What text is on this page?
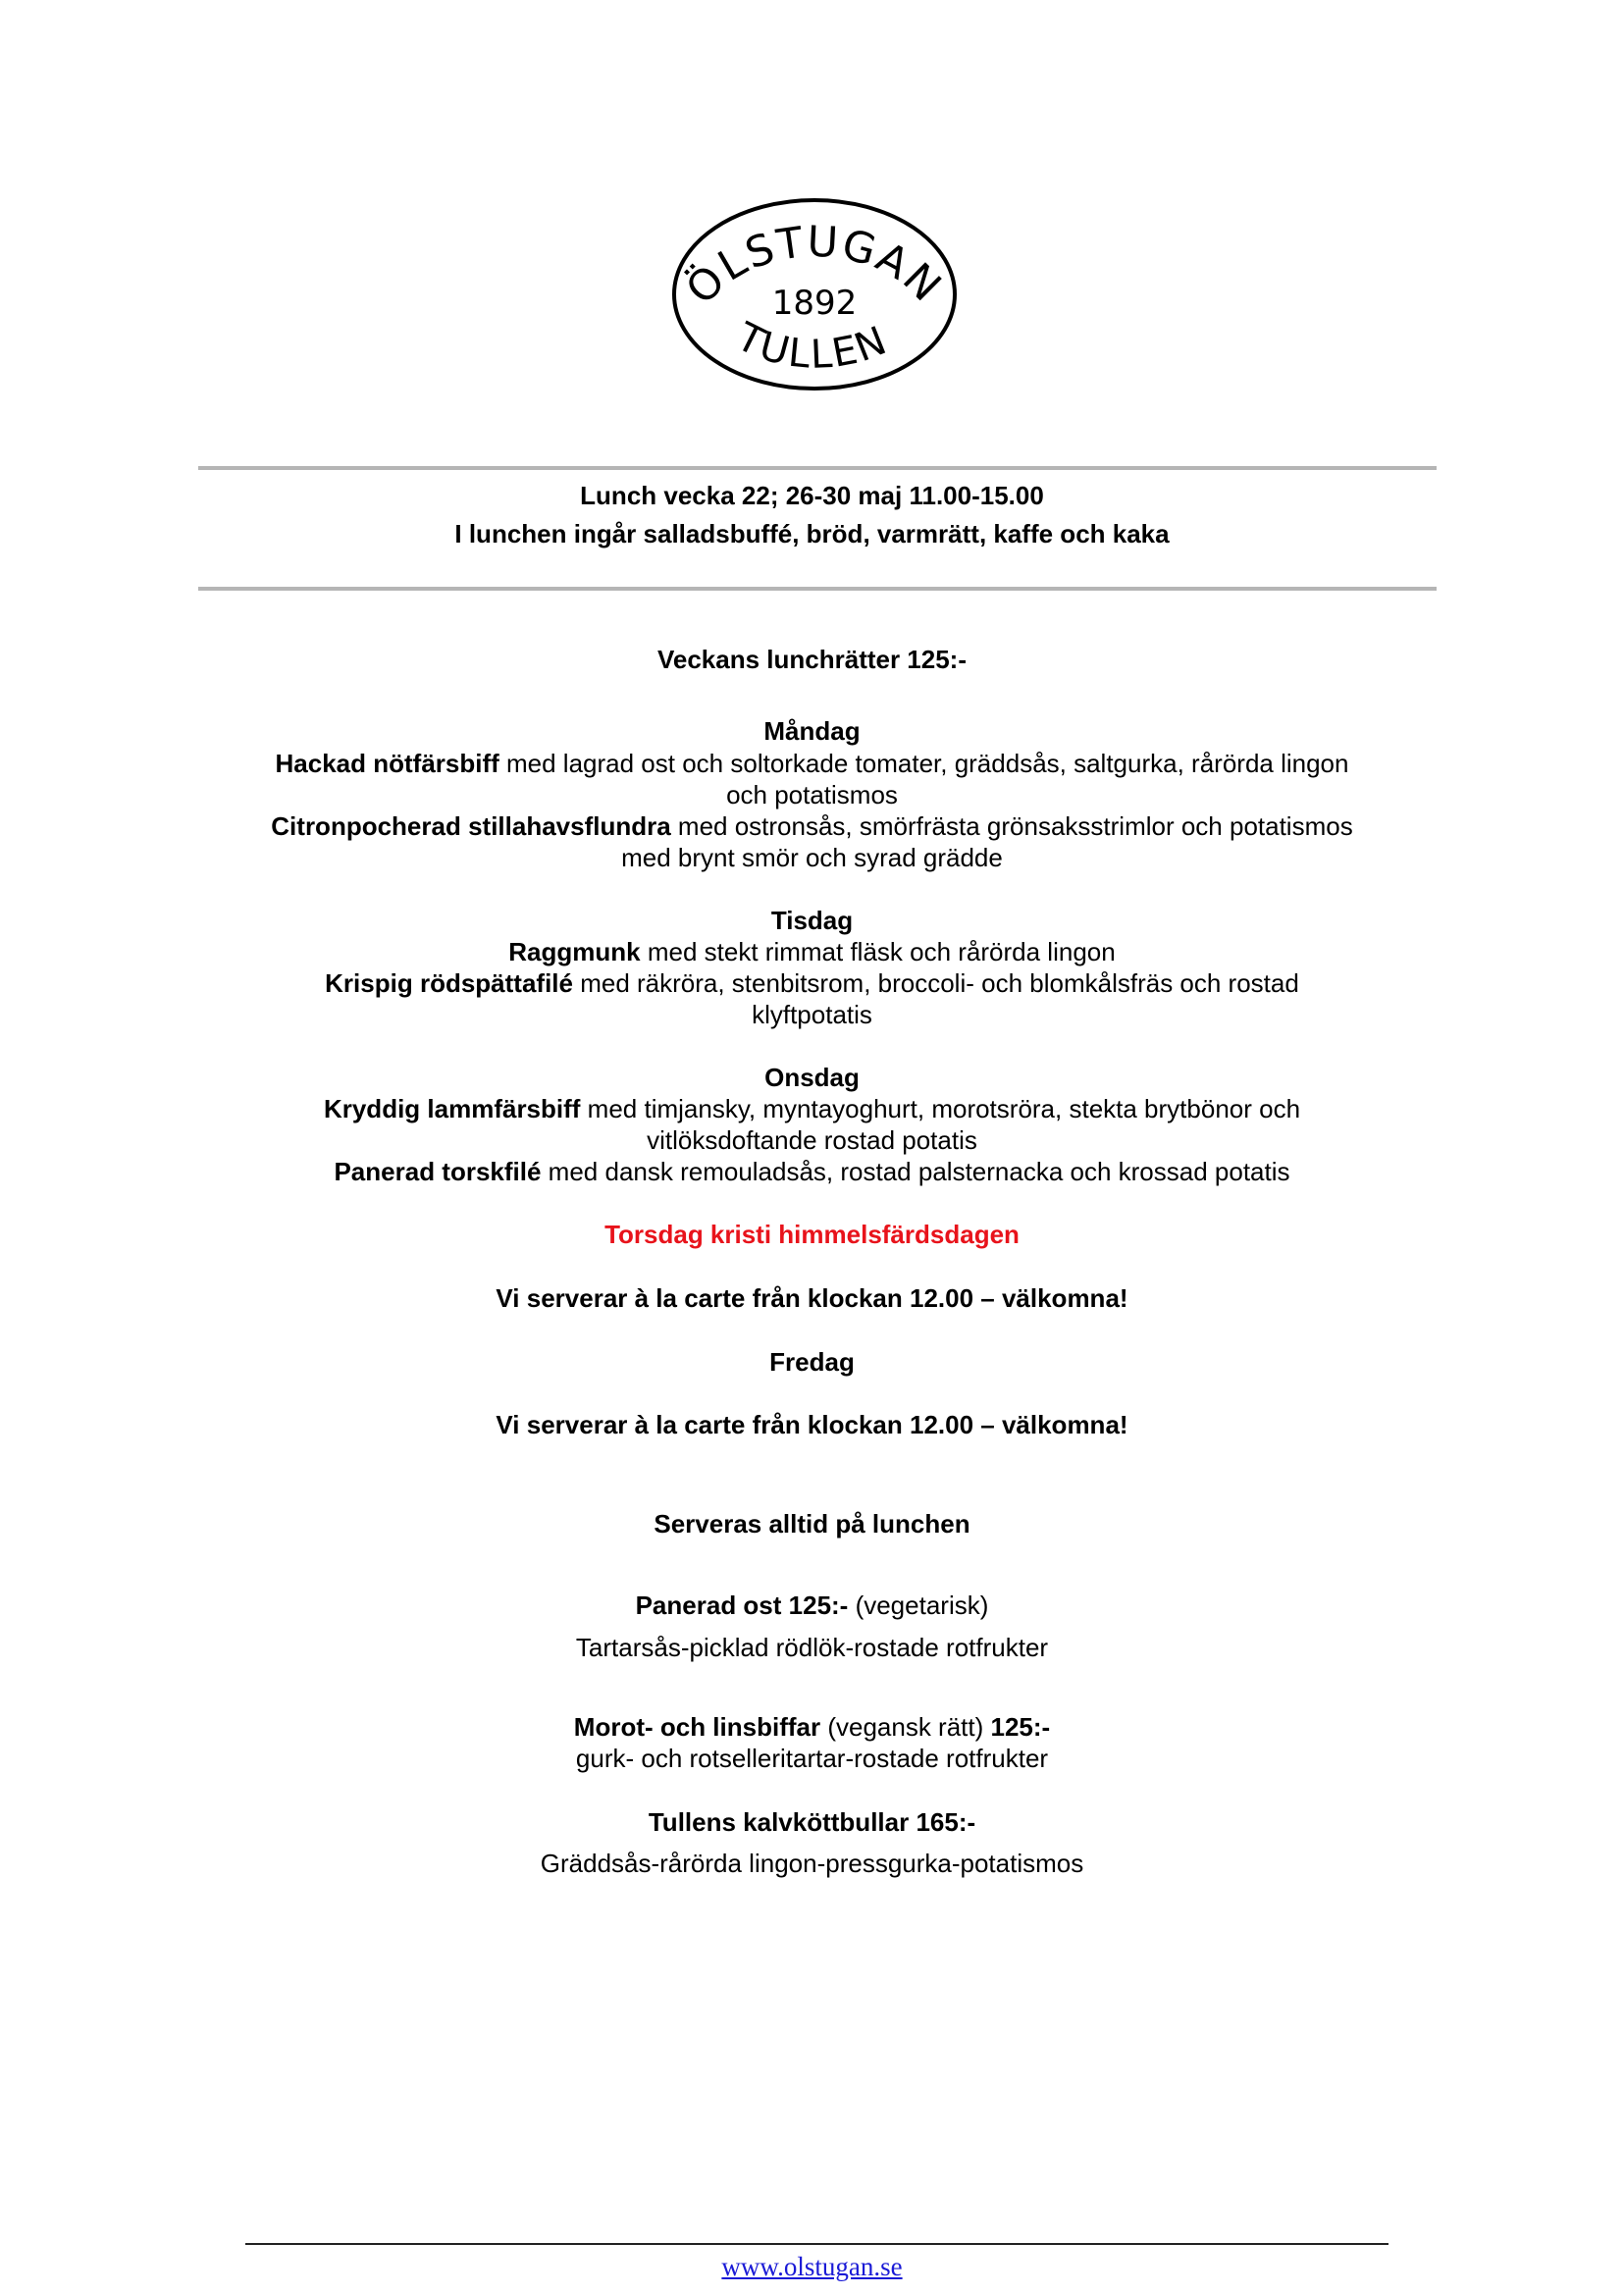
ÖLSTUGAN
1892
TULLEN
Lunch vecka 22; 26-30 maj 11.00-15.00
I lunchen ingår salladsbuffé, bröd, varmrätt, kaffe och kaka
Veckans lunchrätter 125:-
Måndag
Hackad nötfärsbiff med lagrad ost och soltorkade tomater, gräddsås, saltgurka, rårörda lingon
och potatismos
Citronpocherad stillahavsflundra med ostronsås, smörfrästa grönsaksstrimlor och potatismos
med brynt smör och syrad grädde
Tisdag
Raggmunk med stekt rimmat fläsk och rårörda lingon
Krispig rödspättafilé med räkröra, stenbitsrom, broccoli- och blomkålsfräs och rostad
klyftpotatis
Onsdag
Kryddig lammfärsbiff med timjansky, myntayoghurt, morotsröra, stekta brytbönor och
vitlöksdoftande rostad potatis
Panerad torskfilé med dansk remouladsås, rostad palsternacka och krossad potatis
Torsdag kristi himmelsfärdsdagen
Vi serverar à la carte från klockan 12.00 – välkomna!
Fredag
Vi serverar à la carte från klockan 12.00 – välkomna!
Serveras alltid på lunchen
Panerad ost 125:- (vegetarisk)
Tartarsås-picklad rödlök-rostade rotfrukter
Morot- och linsbiffar (vegansk rätt) 125:-
gurk- och rotselleritartar-rostade rotfrukter
Tullens kalvköttbullar 165:-
Gräddsås-rårörda lingon-pressgurka-potatismos
www.olstugan.se
